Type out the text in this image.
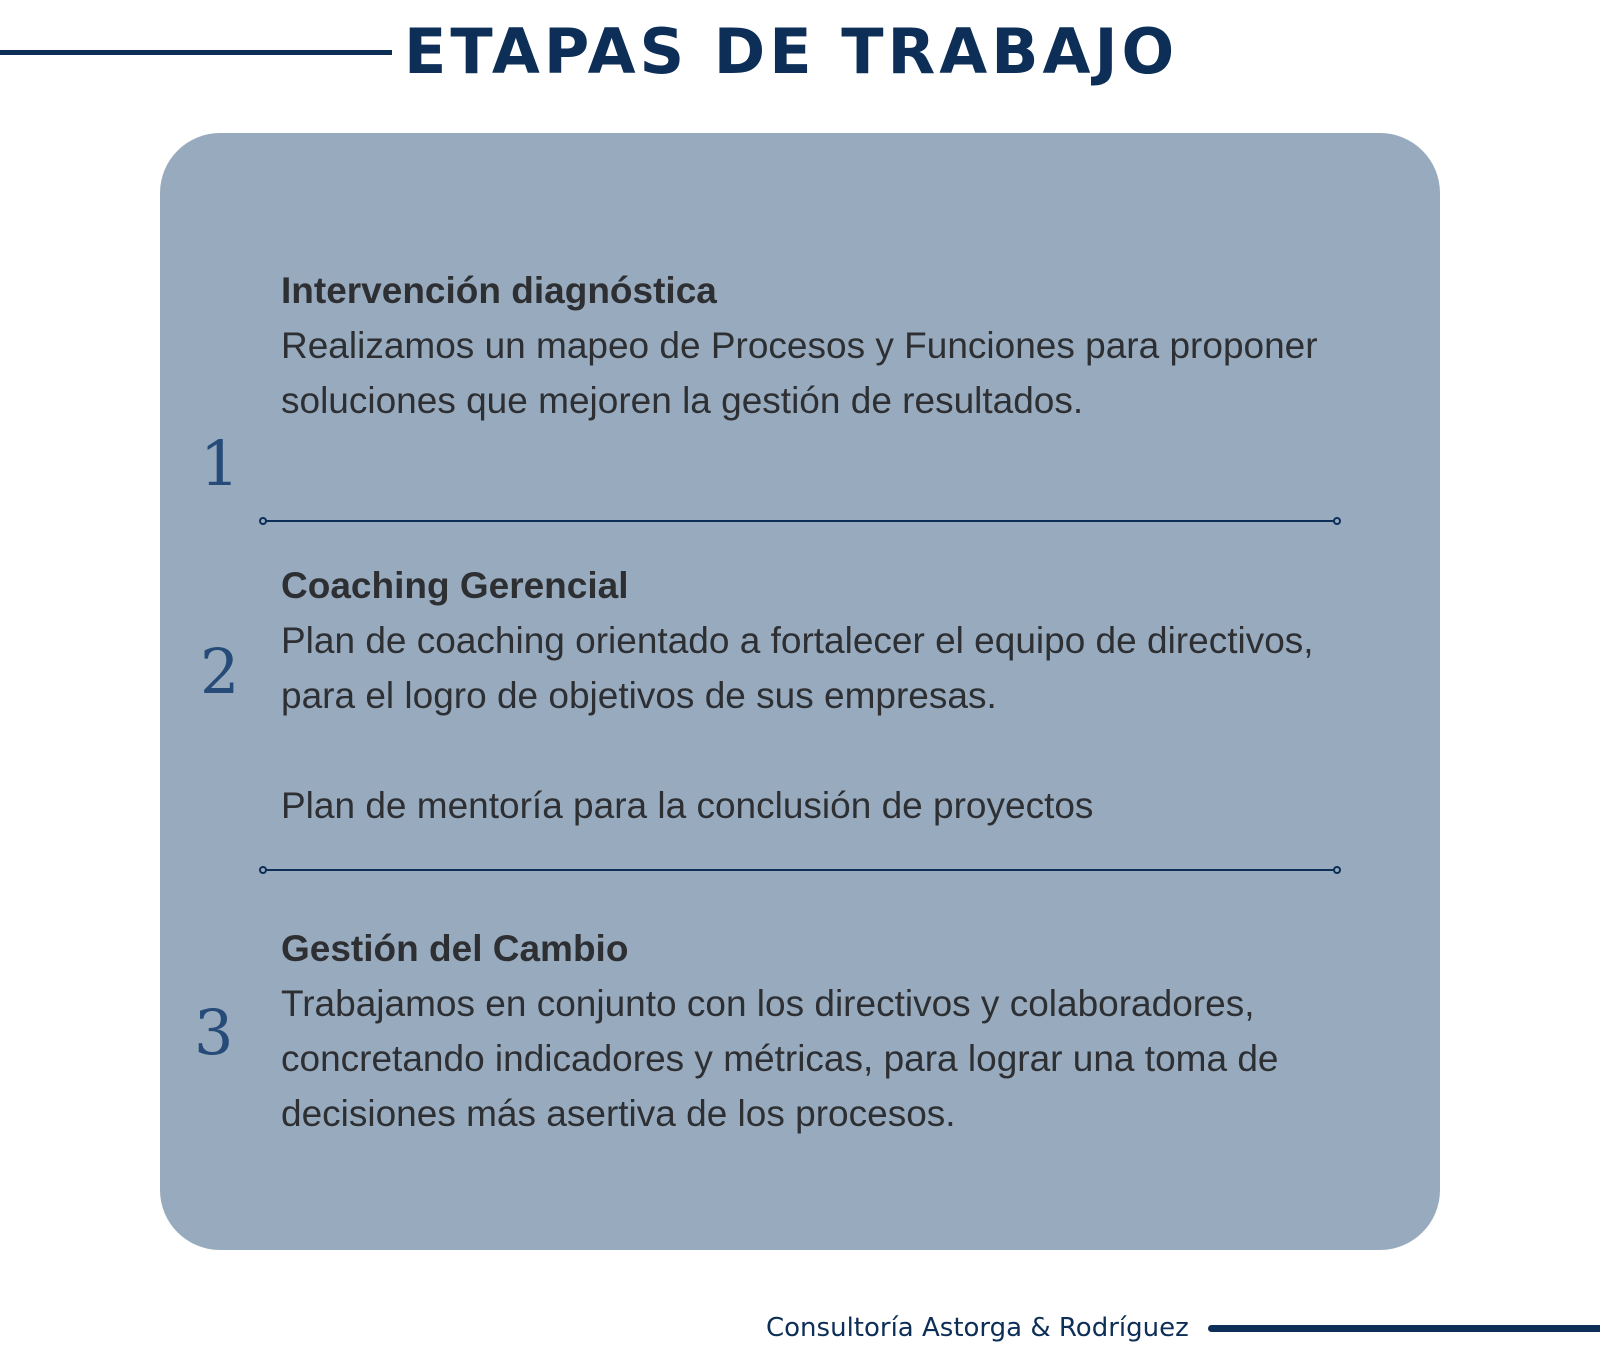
ETAPAS DE TRABAJO
1

Intervención diagnóstica

Realizamos un mapeo de Procesos y Funciones para proponer soluciones que mejoren la gestión de resultados.

2

Coaching Gerencial

Plan de coaching orientado a fortalecer el equipo de directivos, para el logro de objetivos de sus empresas.

Plan de mentoría para la conclusión de proyectos

3

Gestión del Cambio

Trabajamos en conjunto con los directivos y colaboradores, concretando indicadores y métricas, para lograr una toma de decisiones más asertiva de los procesos.

Consultoría Astorga & Rodríguez
